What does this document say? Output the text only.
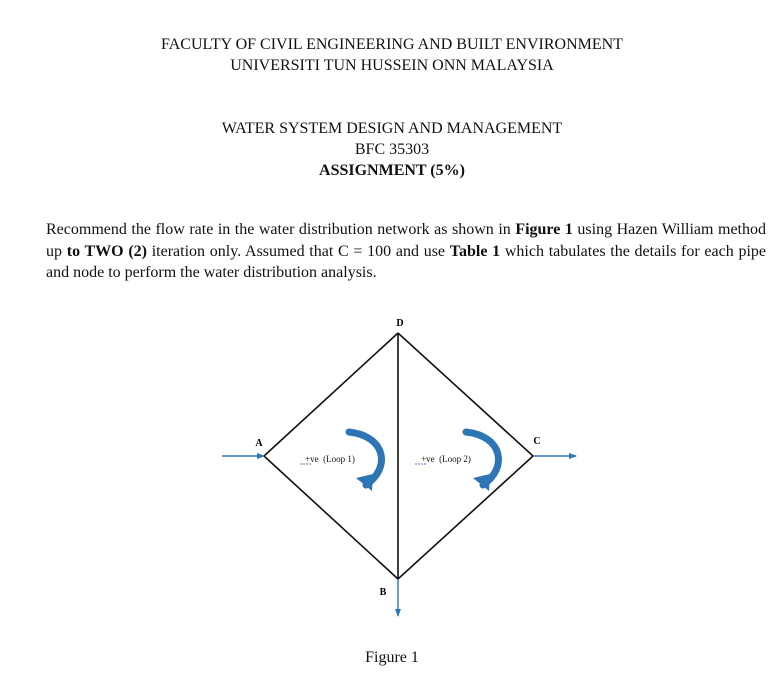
FACULTY OF CIVIL ENGINEERING AND BUILT ENVIRONMENT
UNIVERSITI TUN HUSSEIN ONN MALAYSIA
WATER SYSTEM DESIGN AND MANAGEMENT
BFC 35303
ASSIGNMENT (5%)
Recommend the flow rate in the water distribution network as shown in Figure 1 using Hazen William method up to TWO (2) iteration only. Assumed that C = 100 and use Table 1 which tabulates the details for each pipe and node to perform the water distribution analysis.
D
A	C
B
+ve  (Loop 1)	+ve  (Loop 2)
Figure 1
